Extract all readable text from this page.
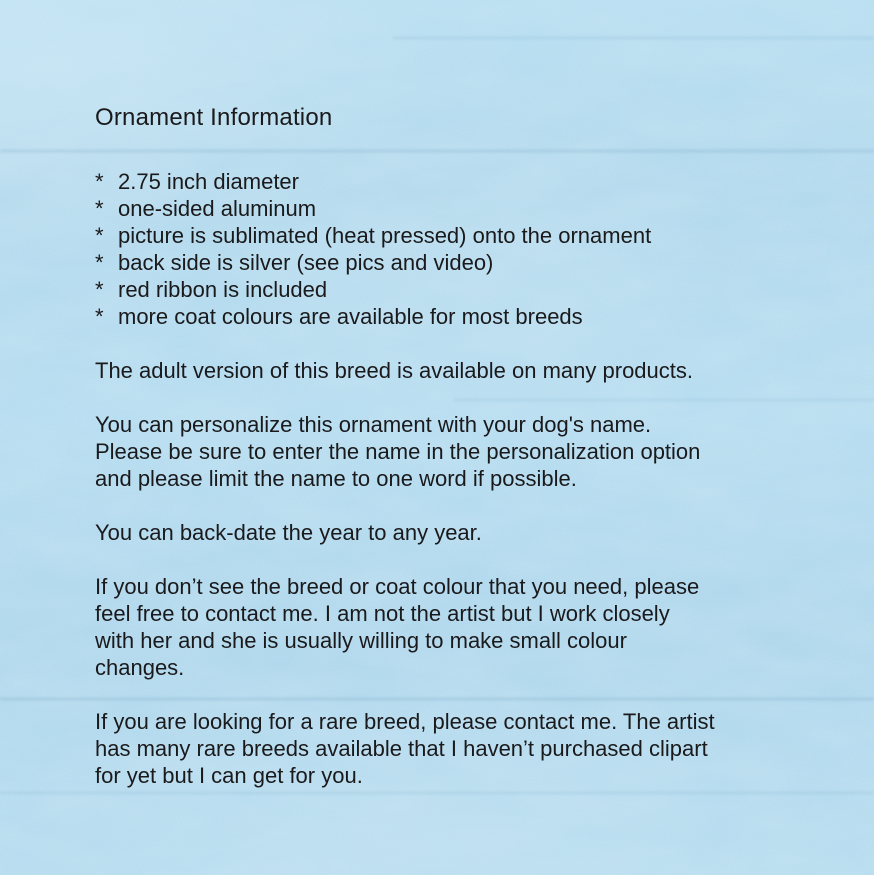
Ornament Information
* 2.75 inch diameter
* one-sided aluminum
* picture is sublimated (heat pressed) onto the ornament
* back side is silver (see pics and video)
* red ribbon is included
* more coat colours are available for most breeds
The adult version of this breed is available on many products.
You can personalize this ornament with your dog's name.
Please be sure to enter the name in the personalization option
and please limit the name to one word if possible.
You can back-date the year to any year.
If you don’t see the breed or coat colour that you need, please
feel free to contact me. I am not the artist but I work closely
with her and she is usually willing to make small colour
changes.
If you are looking for a rare breed, please contact me. The artist
has many rare breeds available that I haven’t purchased clipart
for yet but I can get for you.
